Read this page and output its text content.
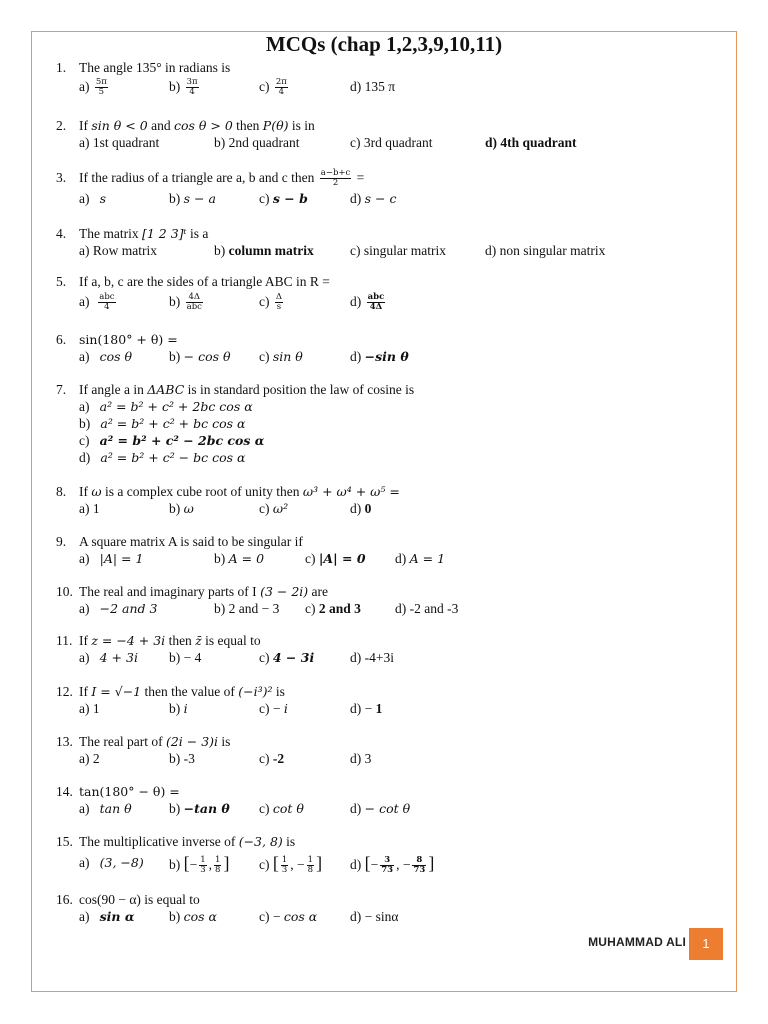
MCQs (chap 1,2,3,9,10,11)
1. The angle 135° in radians is
$a) \frac{5\pi}{5}$	$b) \frac{3\pi}{4}$	$c) \frac{2\pi}{4}$	d) 135 π
2. If sin θ < 0 and cos θ > 0 then P(θ) is in
a) 1st quadrant	b) 2nd quadrant	c) 3rd quadrant	d) 4th quadrant
3. If the radius of a triangle are a, b and c then $\frac{a-b+c}{2}$ =
a) s	b) s − a	c) s − b	d) s − c
4. The matrix [1 2 3]ᵗ is a
a) Row matrix	b) column matrix	c) singular matrix	d) non singular matrix
5. If a, b, c are the sides of a triangle ABC in R =
$a) \frac{\text{abc}}{4}$	$b) \frac{4\Delta}{\text{abc}}$	$c) \frac{\Delta}{s}$	$d) \frac{\text{abc}}{4\Delta}$
6. sin(180° + θ) =
a) cos θ	b) − cos θ c) sin θ	d) −sin θ
7. If angle a in ΔABC is in standard position the law of cosine is
a) a² = b² + c² + 2bc cos α
b) a² = b² + c² + bc cos α
c) a² = b² + c² − 2bc cos α
d) a² = b² + c² − bc cos α
8. If ω is a complex cube root of unity then ω³ + ω⁴ + ω⁵ =
a) 1	b) ω	c) ω²	d) 0
9. A square matrix A is said to be singular if
a) |A| = 1	b) A = 0	c) |A| = 0 d) A = 1
10. The real and imaginary parts of I (3 − 2i) are
a) −2 and 3	b) 2 and − 3 c) 2 and 3	d) -2 and -3
11. If z = −4 + 3i then z̄ is equal to
a) 4 + 3i b) − 4	c) 4 − 3i	d) -4+3i
12. If I = √−1 then the value of (−i³)² is
a) 1	b) i	c) − i	d) − 1
13. The real part of (2i − 3)i is
a) 2	b) -3	c) -2	d) 3
14. tan(180° − θ) =
a) tan θ	b) −tan θ c) cot θ	d) − cot θ
15. The multiplicative inverse of (−3, 8) is
a) (3, −8) b) [− $\frac{1}{3}$ , $\frac{1}{8}$ ] c) [ $\frac{1}{3}$ , − $\frac{1}{8}$ ] d) [− $\frac{3}{73}$ , − $\frac{8}{73}$ ]
16. cos(90 − α) is equal to
a) sin α	b) cos α	c) − cos α d) − sinα
MUHAMMAD ALI	1
